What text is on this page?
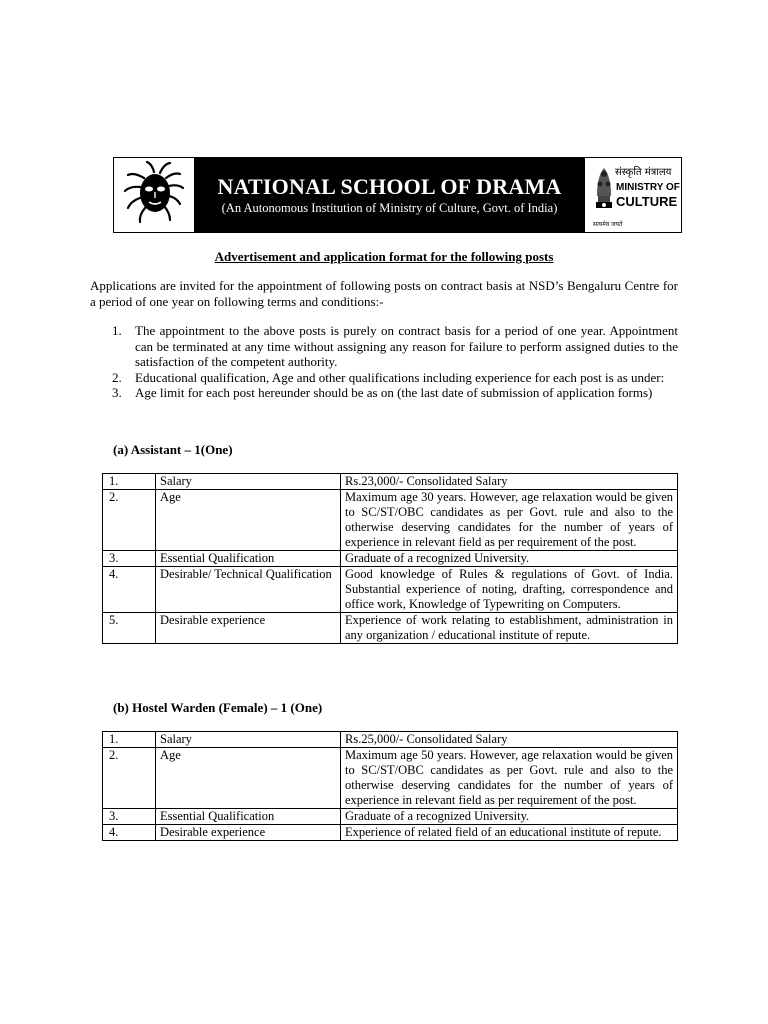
NATIONAL SCHOOL OF DRAMA
(An Autonomous Institution of Ministry of Culture, Govt. of India)
संस्कृति मंत्रालय
MINISTRY OF
CULTURE
सत्यमेव जयते
Advertisement and application format for the following posts
Applications are invited for the appointment of following posts on contract basis at NSD’s Bengaluru Centre for a period of one year on following terms and conditions:-
1. The appointment to the above posts is purely on contract basis for a period of one year. Appointment can be terminated at any time without assigning any reason for failure to perform assigned duties to the satisfaction of the competent authority.
2. Educational qualification, Age and other qualifications including experience for each post is as under:
3. Age limit for each post hereunder should be as on (the last date of submission of application forms)
(a) Assistant – 1(One)
1.	Salary	Rs.23,000/- Consolidated Salary
2.	Age	Maximum age 30 years. However, age relaxation would be given to SC/ST/OBC candidates as per Govt. rule and also to the otherwise deserving candidates for the number of years of experience in relevant field as per requirement of the post.
3.	Essential Qualification	Graduate of a recognized University.
4.	Desirable/ Technical Qualification	Good knowledge of Rules & regulations of Govt. of India. Substantial experience of noting, drafting, correspondence and office work, Knowledge of Typewriting on Computers.
5.	Desirable experience	Experience of work relating to establishment, administration in any organization / educational institute of repute.
(b) Hostel Warden (Female) – 1 (One)
1.	Salary	Rs.25,000/- Consolidated Salary
2.	Age	Maximum age 50 years. However, age relaxation would be given to SC/ST/OBC candidates as per Govt. rule and also to the otherwise deserving candidates for the number of years of experience in relevant field as per requirement of the post.
3.	Essential Qualification	Graduate of a recognized University.
4.	Desirable experience	Experience of related field of an educational institute of repute.
